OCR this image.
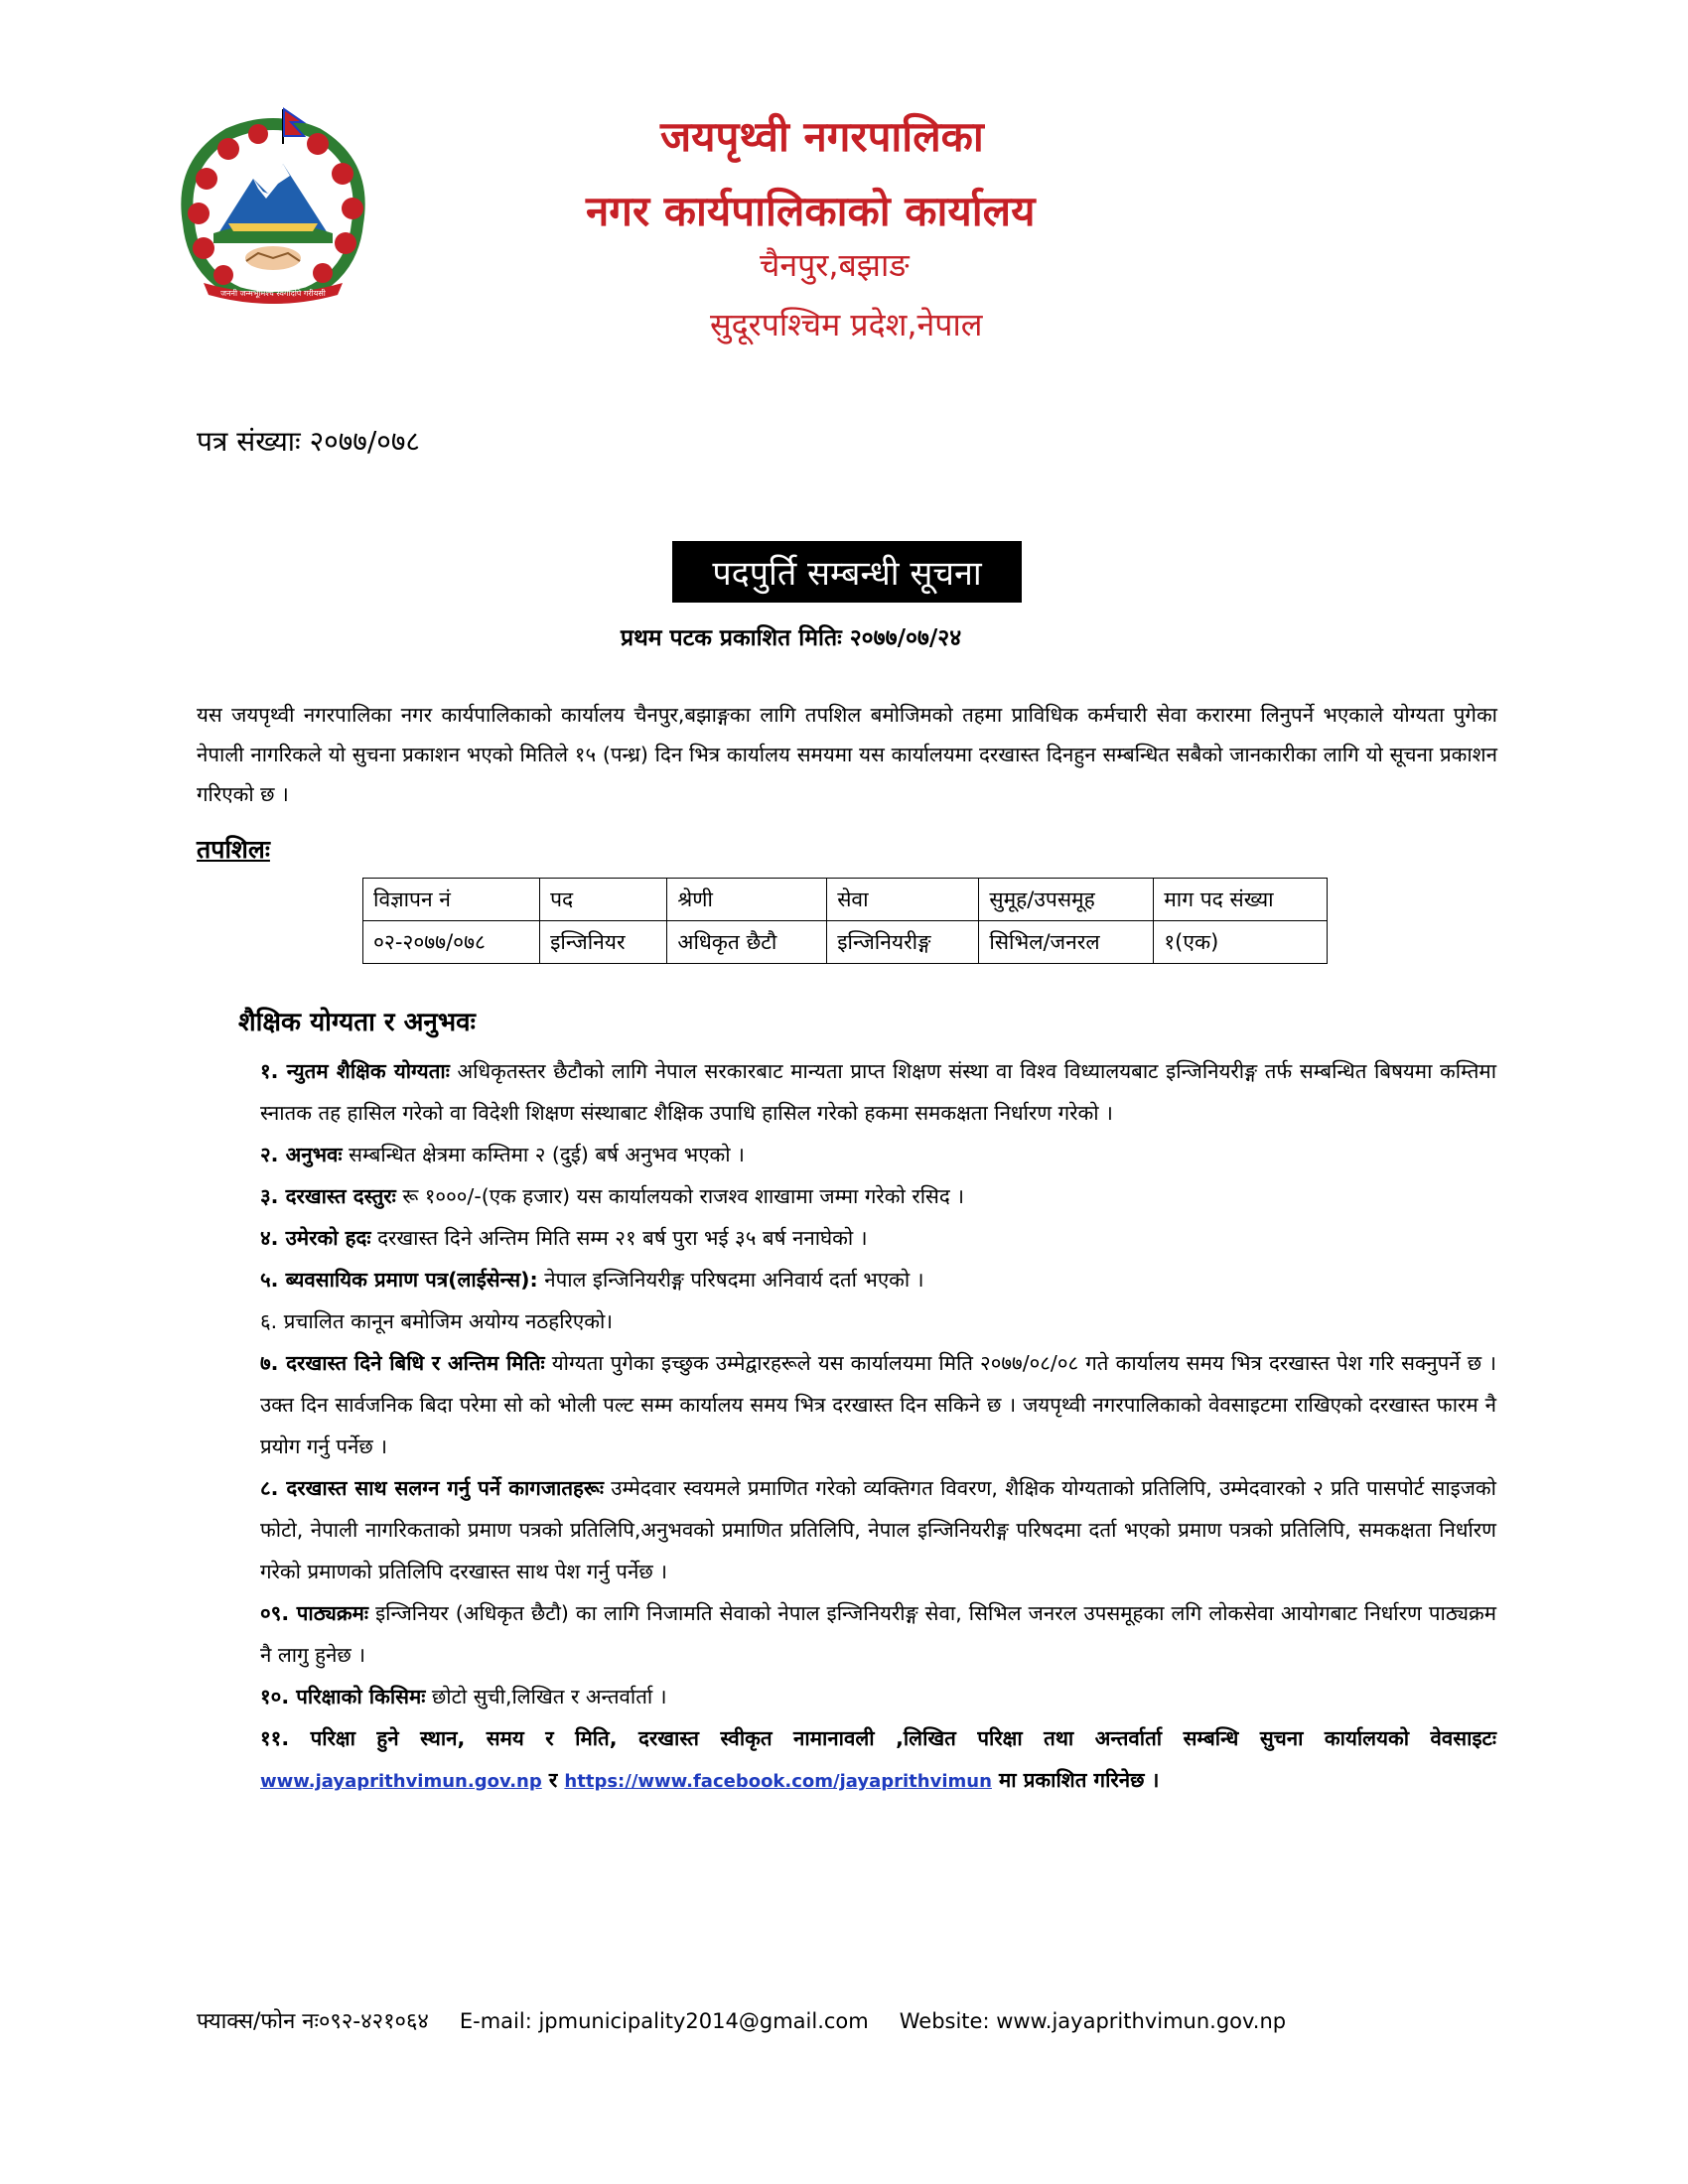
जननी जन्मभूमिश्च स्वर्गादपि गरीयसी
जयपृथ्वी नगरपालिका
नगर कार्यपालिकाको कार्यालय
चैनपुर,बझाङ
सुदूरपश्चिम प्रदेश,नेपाल
पत्र संख्याः २०७७/०७८
पदपुर्ति सम्बन्धी सूचना
प्रथम पटक प्रकाशित मितिः २०७७/०७/२४
यस जयपृथ्वी नगरपालिका नगर कार्यपालिकाको कार्यालय चैनपुर,बझाङ्गका लागि तपशिल बमोजिमको तहमा प्राविधिक कर्मचारी सेवा करारमा लिनुपर्ने भएकाले योग्यता पुगेका नेपाली नागरिकले यो सुचना प्रकाशन भएको मितिले १५ (पन्ध्र) दिन भित्र कार्यालय समयमा यस कार्यालयमा दरखास्त दिनहुन सम्बन्धित सबैको जानकारीका लागि यो सूचना प्रकाशन गरिएको छ ।
तपशिलः
विज्ञापन नं	पद	श्रेणी	सेवा	सुमूह/उपसमूह	माग पद संख्या
०२-२०७७/०७८	इन्जिनियर	अधिकृत छैटौ	इन्जिनियरीङ्ग	सिभिल/जनरल	१(एक)
शैक्षिक योग्यता र अनुभवः

१. न्युतम शैक्षिक योग्यताः अधिकृतस्तर छैटौको लागि नेपाल सरकारबाट मान्यता प्राप्त शिक्षण संस्था वा विश्व विध्यालयबाट इन्जिनियरीङ्ग तर्फ सम्बन्धित बिषयमा कम्तिमा स्नातक तह हासिल गरेको वा विदेशी शिक्षण संस्थाबाट शैक्षिक उपाधि हासिल गरेको हकमा समकक्षता निर्धारण गरेको ।

२. अनुभवः सम्बन्धित क्षेत्रमा कम्तिमा २ (दुई) बर्ष अनुभव भएको ।

३. दरखास्त दस्तुरः रू १०००/-(एक हजार) यस कार्यालयको राजश्व शाखामा जम्मा गरेको रसिद ।

४. उमेरको हदः दरखास्त दिने अन्तिम मिति सम्म २१ बर्ष पुरा भई ३५ बर्ष ननाघेको ।

५. ब्यवसायिक प्रमाण पत्र(लाईसेन्स): नेपाल इन्जिनियरीङ्ग परिषदमा अनिवार्य दर्ता भएको ।

६. प्रचालित कानून बमोजिम अयोग्य नठहरिएको।

७. दरखास्त दिने बिधि र अन्तिम मितिः योग्यता पुगेका इच्छुक उम्मेद्वारहरूले यस कार्यालयमा मिति २०७७/०८/०८ गते कार्यालय समय भित्र दरखास्त पेश गरि सक्नुपर्ने छ । उक्त दिन सार्वजनिक बिदा परेमा सो को भोली पल्ट सम्म कार्यालय समय भित्र दरखास्त दिन सकिने छ । जयपृथ्वी नगरपालिकाको वेवसाइटमा राखिएको दरखास्त फारम नै प्रयोग गर्नु पर्नेछ ।

८. दरखास्त साथ सलग्न गर्नु पर्ने कागजातहरूः उम्मेदवार स्वयमले प्रमाणित गरेको व्यक्तिगत विवरण, शैक्षिक योग्यताको प्रतिलिपि, उम्मेदवारको २ प्रति पासपोर्ट साइजको फोटो, नेपाली नागरिकताको प्रमाण पत्रको प्रतिलिपि,अनुभवको प्रमाणित प्रतिलिपि, नेपाल इन्जिनियरीङ्ग परिषदमा दर्ता भएको प्रमाण पत्रको प्रतिलिपि, समकक्षता निर्धारण गरेको प्रमाणको प्रतिलिपि दरखास्त साथ पेश गर्नु पर्नेछ ।

०९. पाठ्यक्रमः इन्जिनियर (अधिकृत छैटौ) का लागि निजामति सेवाको नेपाल इन्जिनियरीङ्ग सेवा, सिभिल जनरल उपसमूहका लगि लोकसेवा आयोगबाट निर्धारण पाठ्यक्रम नै लागु हुनेछ ।

१०. परिक्षाको किसिमः छोटो सुची,लिखित र अन्तर्वार्ता ।

११. परिक्षा हुने स्थान, समय र मिति, दरखास्त स्वीकृत नामानावली ,लिखित परिक्षा तथा अन्तर्वार्ता सम्बन्धि सुचना कार्यालयको वेवसाइटः www.jayaprithvimun.gov.np र https://www.facebook.com/jayaprithvimun मा प्रकाशित गरिनेछ ।

फ्याक्स/फोन नः०९२-४२१०६४ E-mail: jpmunicipality2014@gmail.com Website: www.jayaprithvimun.gov.np
